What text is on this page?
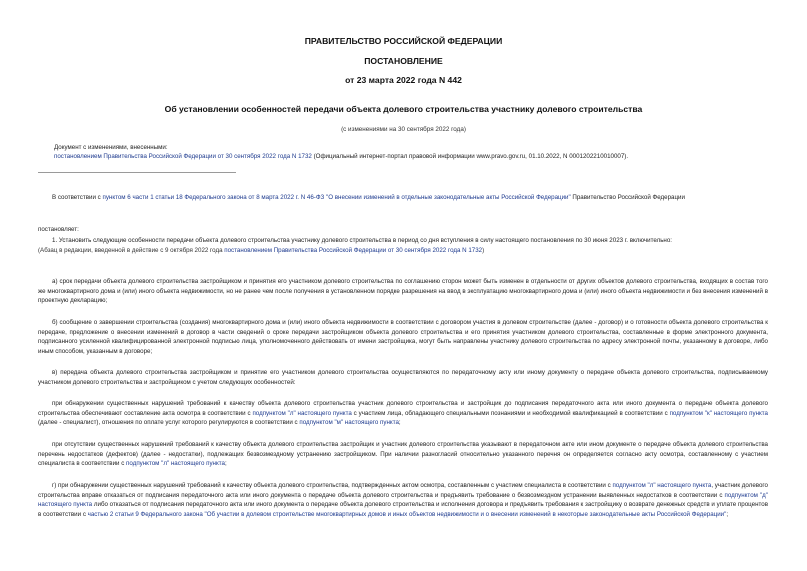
ПРАВИТЕЛЬСТВО РОССИЙСКОЙ ФЕДЕРАЦИИ
ПОСТАНОВЛЕНИЕ
от 23 марта 2022 года N 442
Об установлении особенностей передачи объекта долевого строительства участнику долевого строительства
(с изменениями на 30 сентября 2022 года)
Документ с изменениями, внесенными:
постановлением Правительства Российской Федерации от 30 сентября 2022 года N 1732 (Официальный интернет-портал правовой информации www.pravo.gov.ru, 01.10.2022, N 0001202210010007).
В соответствии с пунктом 6 части 1 статьи 18 Федерального закона от 8 марта 2022 г. N 46-ФЗ "О внесении изменений в отдельные законодательные акты Российской Федерации" Правительство Российской Федерации
постановляет:
1. Установить следующие особенности передачи объекта долевого строительства участнику долевого строительства в период со дня вступления в силу настоящего постановления по 30 июня 2023 г. включительно:
(Абзац в редакции, введенной в действие с 9 октября 2022 года постановлением Правительства Российской Федерации от 30 сентября 2022 года N 1732)
а) срок передачи объекта долевого строительства застройщиком и принятия его участником долевого строительства по соглашению сторон может быть изменен в отдельности от других объектов долевого строительства, входящих в состав того же многоквартирного дома и (или) иного объекта недвижимости, но не ранее чем после получения в установленном порядке разрешения на ввод в эксплуатацию многоквартирного дома и (или) иного объекта недвижимости и без внесения изменений в проектную декларацию;
б) сообщение о завершении строительства (создания) многоквартирного дома и (или) иного объекта недвижимости в соответствии с договором участия в долевом строительстве (далее - договор) и о готовности объекта долевого строительства к передаче, предложение о внесении изменений в договор в части сведений о сроке передачи застройщиком объекта долевого строительства и его принятия участником долевого строительства, составленные в форме электронного документа, подписанного усиленной квалифицированной электронной подписью лица, уполномоченного действовать от имени застройщика, могут быть направлены участнику долевого строительства по адресу электронной почты, указанному в договоре, либо иным способом, указанным в договоре;
в) передача объекта долевого строительства застройщиком и принятие его участником долевого строительства осуществляются по передаточному акту или иному документу о передаче объекта долевого строительства, подписываемому участником долевого строительства и застройщиком с учетом следующих особенностей:
при обнаружении существенных нарушений требований к качеству объекта долевого строительства участник долевого строительства и застройщик до подписания передаточного акта или иного документа о передаче объекта долевого строительства обеспечивают составление акта осмотра в соответствии с подпунктом "л" настоящего пункта с участием лица, обладающего специальными познаниями и необходимой квалификацией в соответствии с подпунктом "к" настоящего пункта (далее - специалист), отношения по оплате услуг которого регулируются в соответствии с подпунктом "м" настоящего пункта;
при отсутствии существенных нарушений требований к качеству объекта долевого строительства застройщик и участник долевого строительства указывают в передаточном акте или ином документе о передаче объекта долевого строительства перечень недостатков (дефектов) (далее - недостатки), подлежащих безвозмездному устранению застройщиком. При наличии разногласий относительно указанного перечня он определяется согласно акту осмотра, составленному с участием специалиста в соответствии с подпунктом "л" настоящего пункта;
г) при обнаружении существенных нарушений требований к качеству объекта долевого строительства, подтвержденных актом осмотра, составленным с участием специалиста в соответствии с подпунктом "л" настоящего пункта, участник долевого строительства вправе отказаться от подписания передаточного акта или иного документа о передаче объекта долевого строительства и предъявить требование о безвозмездном устранении выявленных недостатков в соответствии с подпунктом "д" настоящего пункта либо отказаться от подписания передаточного акта или иного документа о передаче объекта долевого строительства и исполнения договора и предъявить требования к застройщику о возврате денежных средств и уплате процентов в соответствии с частью 2 статьи 9 Федерального закона "Об участии в долевом строительстве многоквартирных домов и иных объектов недвижимости и о внесении изменений в некоторые законодательные акты Российской Федерации";
